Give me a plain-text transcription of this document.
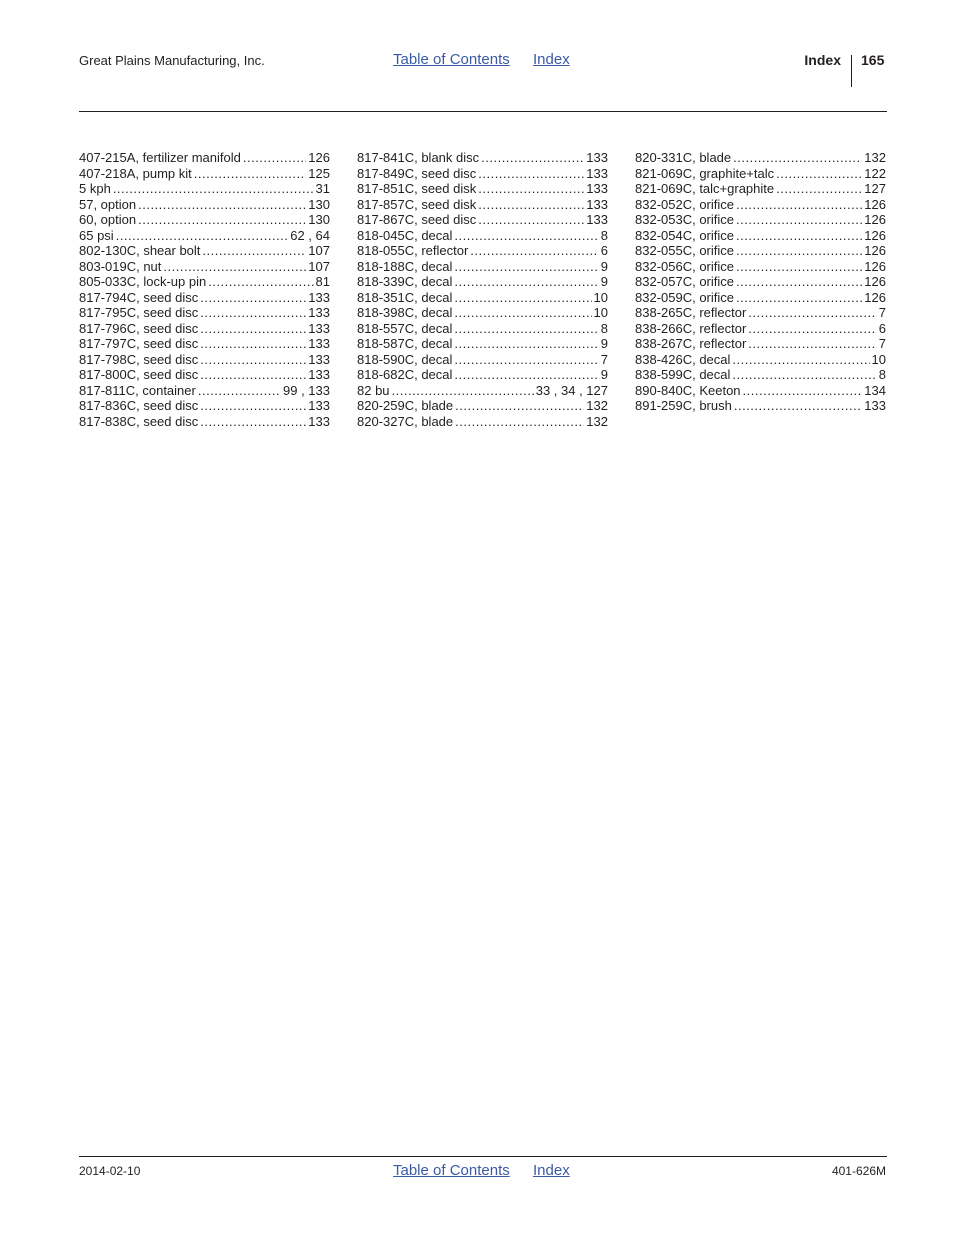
Great Plains Manufacturing, Inc.	Table of Contents Index	Index 165
407-215A, fertilizer manifold .....	126
407-218A, pump kit .....	125
5 kph .....	31
57, option .....	130
60, option .....	130
65 psi .....	62 , 64
802-130C, shear bolt .....	107
803-019C, nut .....	107
805-033C, lock-up pin .....	81
817-794C, seed disc .....	133
817-795C, seed disc .....	133
817-796C, seed disc .....	133
817-797C, seed disc .....	133
817-798C, seed disc .....	133
817-800C, seed disc .....	133
817-811C, container .....	99 , 133
817-836C, seed disc .....	133
817-838C, seed disc .....	133
817-841C, blank disc .....	133
817-849C, seed disc .....	133
817-851C, seed disk .....	133
817-857C, seed disk .....	133
817-867C, seed disc .....	133
818-045C, decal .....	8
818-055C, reflector .....	6
818-188C, decal .....	9
818-339C, decal .....	9
818-351C, decal .....	10
818-398C, decal .....	10
818-557C, decal .....	8
818-587C, decal .....	9
818-590C, decal .....	7
818-682C, decal .....	9
82 bu .....	33 , 34 , 127
820-259C, blade .....	132
820-327C, blade .....	132
820-331C, blade .....	132
821-069C, graphite+talc .....	122
821-069C, talc+graphite .....	127
832-052C, orifice .....	126
832-053C, orifice .....	126
832-054C, orifice .....	126
832-055C, orifice .....	126
832-056C, orifice .....	126
832-057C, orifice .....	126
832-059C, orifice .....	126
838-265C, reflector .....	7
838-266C, reflector .....	6
838-267C, reflector .....	7
838-426C, decal .....	10
838-599C, decal .....	8
890-840C, Keeton .....	134
891-259C, brush .....	133
2014-02-10	Table of Contents Index	401-626M
